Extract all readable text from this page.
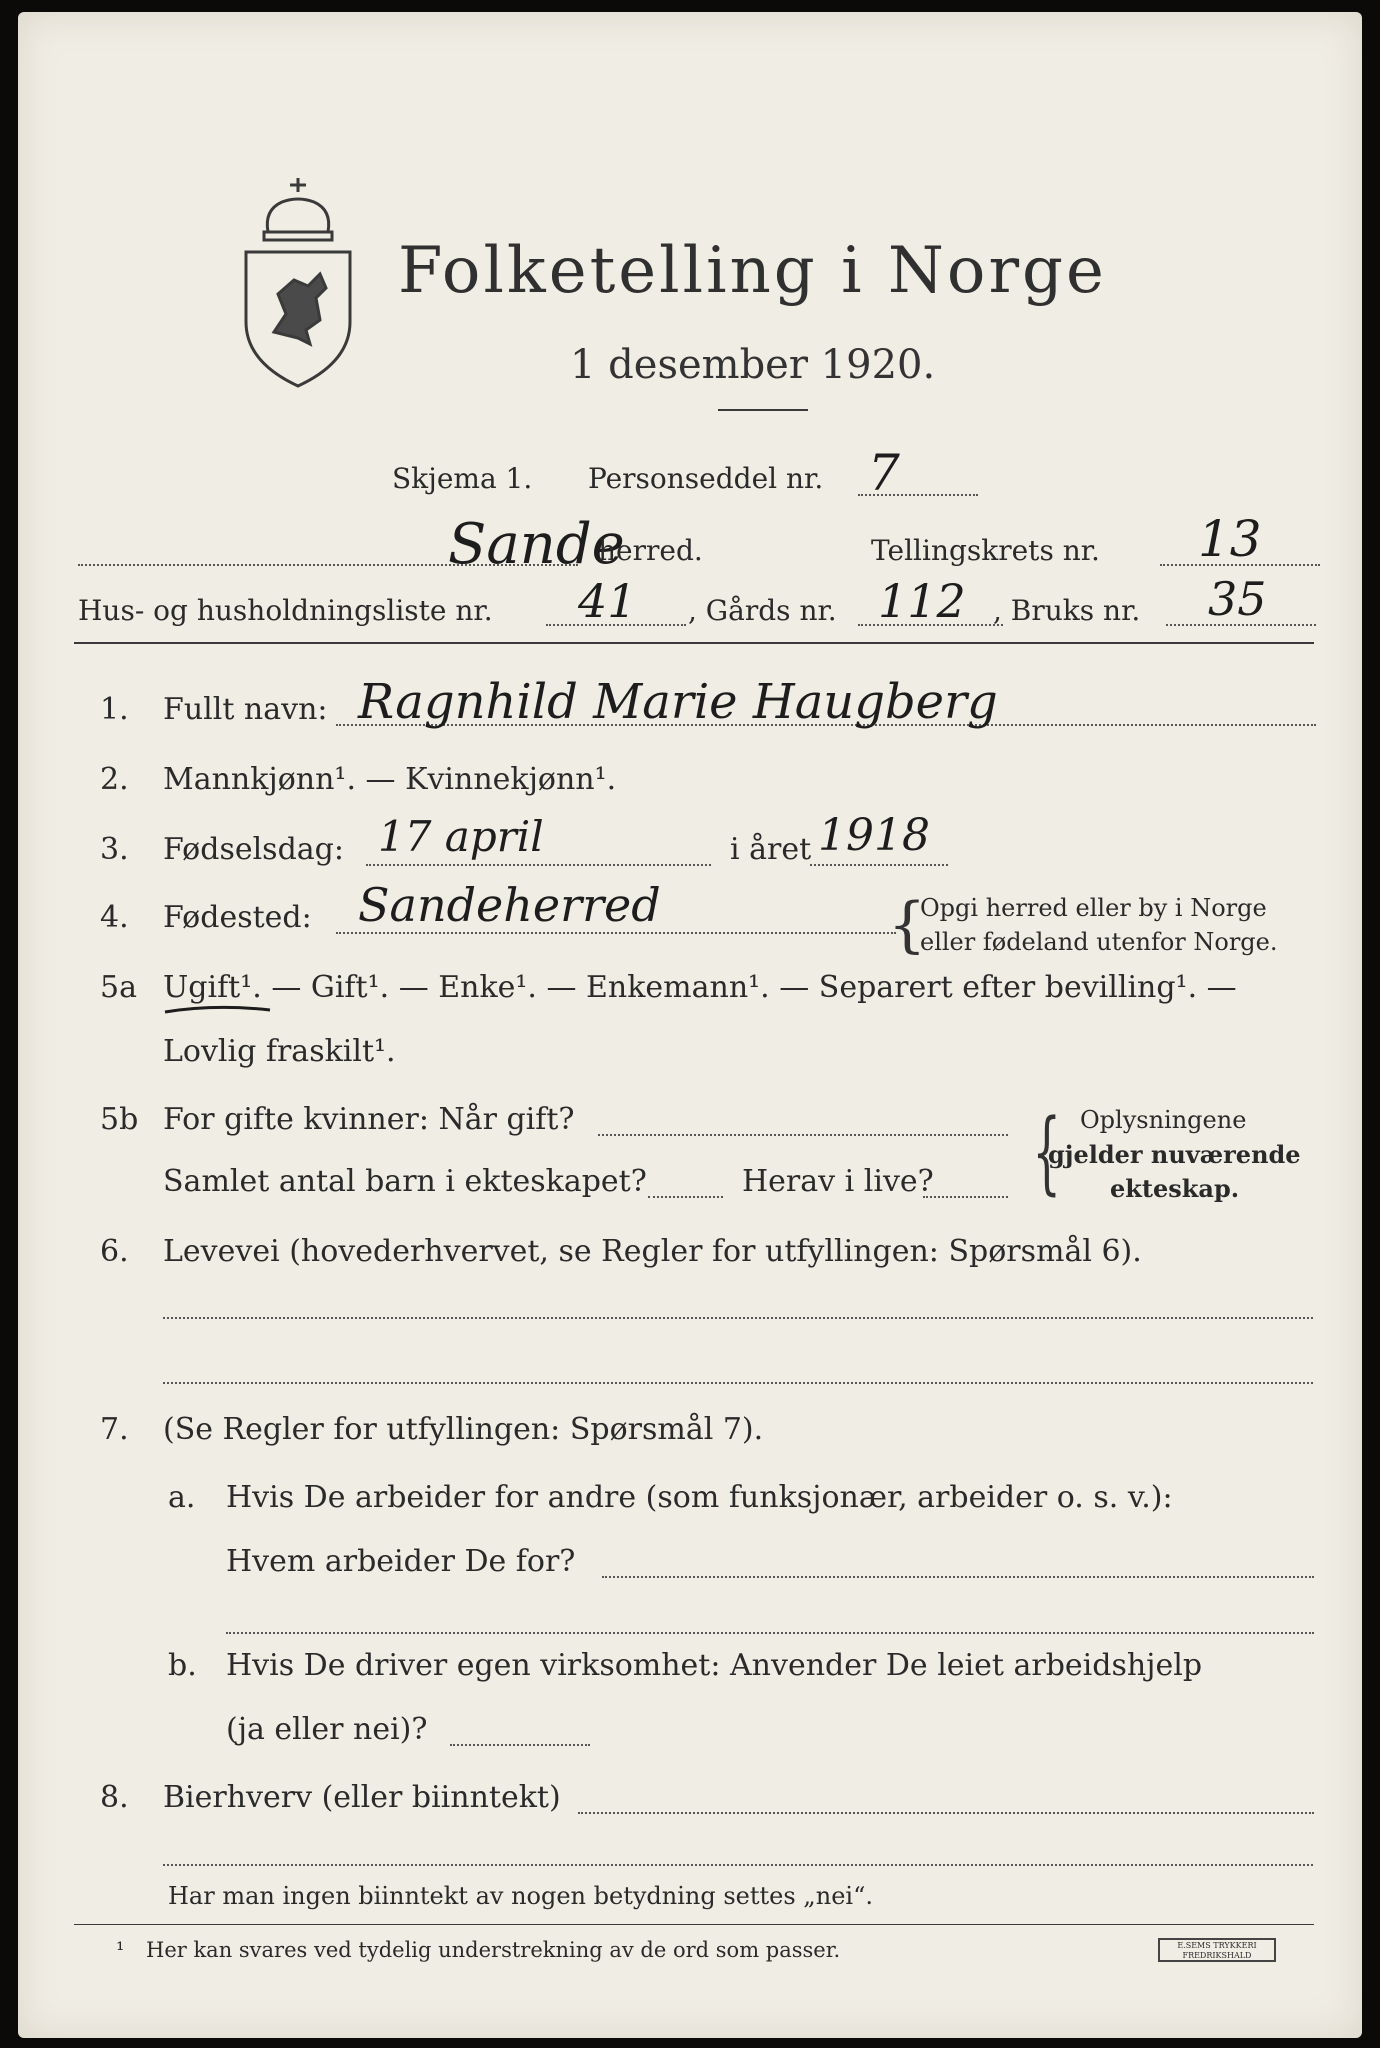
Folketelling i Norge
1 desember 1920.
Skjema 1. Personseddel nr. 7
Sande
herred.	Tellingskrets nr. 13
Hus- og husholdningsliste nr. 41 , Gårds nr. 112 , Bruks nr. 35
1. Fullt navn: Ragnhild Marie Haugberg
2. Mannkjønn¹. — Kvinnekjønn¹.
3. Fødselsdag: 17 april	i året 1918
4. Fødested: Sandeherred	{
Opgi herred eller by i Norge
eller fødeland utenfor Norge.
5a Ugift¹. — Gift¹. — Enke¹. — Enkemann¹. — Separert efter bevilling¹. —
Lovlig fraskilt¹.
5b For gifte kvinner: Når gift?
Samlet antal barn i ekteskapet?	Herav i live? { Oplysningene
gjelder nuværende
ekteskap.
6. Levevei (hovederhvervet, se Regler for utfyllingen: Spørsmål 6).
7. (Se Regler for utfyllingen: Spørsmål 7).
a. Hvis De arbeider for andre (som funksjonær, arbeider o. s. v.):
Hvem arbeider De for?
b. Hvis De driver egen virksomhet: Anvender De leiet arbeidshjelp
(ja eller nei)?
8. Bierhverv (eller biinntekt)
Har man ingen biinntekt av nogen betydning settes „nei“.
¹ Her kan svares ved tydelig understrekning av de ord som passer.	E.SEMS TRYKKERI FREDRIKSHALD
